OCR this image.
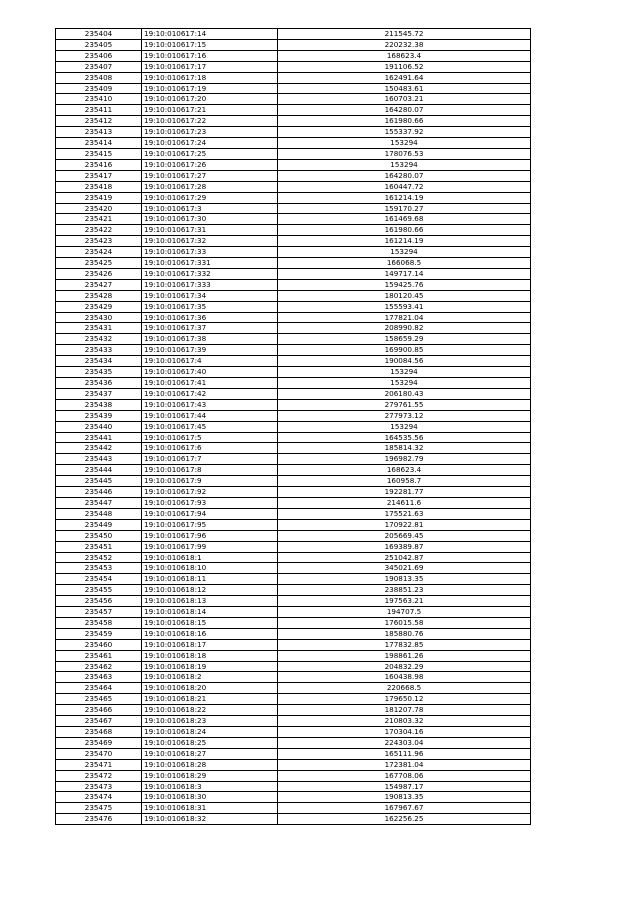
235404	19:10:010617:14	211545.72
235405	19:10:010617:15	220232.38
235406	19:10:010617:16	168623.4
235407	19:10:010617:17	191106.52
235408	19:10:010617:18	162491.64
235409	19:10:010617:19	150483.61
235410	19:10:010617:20	160703.21
235411	19:10:010617:21	164280.07
235412	19:10:010617:22	161980.66
235413	19:10:010617:23	155337.92
235414	19:10:010617:24	153294
235415	19:10:010617:25	178076.53
235416	19:10:010617:26	153294
235417	19:10:010617:27	164280.07
235418	19:10:010617:28	160447.72
235419	19:10:010617:29	161214.19
235420	19:10:010617:3	159170.27
235421	19:10:010617:30	161469.68
235422	19:10:010617:31	161980.66
235423	19:10:010617:32	161214.19
235424	19:10:010617:33	153294
235425	19:10:010617:331	166068.5
235426	19:10:010617:332	149717.14
235427	19:10:010617:333	159425.76
235428	19:10:010617:34	180120.45
235429	19:10:010617:35	155593.41
235430	19:10:010617:36	177821.04
235431	19:10:010617:37	208990.82
235432	19:10:010617:38	158659.29
235433	19:10:010617:39	169900.85
235434	19:10:010617:4	190084.56
235435	19:10:010617:40	153294
235436	19:10:010617:41	153294
235437	19:10:010617:42	206180.43
235438	19:10:010617:43	279761.55
235439	19:10:010617:44	277973.12
235440	19:10:010617:45	153294
235441	19:10:010617:5	164535.56
235442	19:10:010617:6	185814.32
235443	19:10:010617:7	196982.79
235444	19:10:010617:8	168623.4
235445	19:10:010617:9	160958.7
235446	19:10:010617:92	192281.77
235447	19:10:010617:93	214611.6
235448	19:10:010617:94	175521.63
235449	19:10:010617:95	170922.81
235450	19:10:010617:96	205669.45
235451	19:10:010617:99	169389.87
235452	19:10:010618:1	251042.87
235453	19:10:010618:10	345021.69
235454	19:10:010618:11	190813.35
235455	19:10:010618:12	238851.23
235456	19:10:010618:13	197563.21
235457	19:10:010618:14	194707.5
235458	19:10:010618:15	176015.58
235459	19:10:010618:16	185880.76
235460	19:10:010618:17	177832.85
235461	19:10:010618:18	198861.26
235462	19:10:010618:19	204832.29
235463	19:10:010618:2	160438.98
235464	19:10:010618:20	220668.5
235465	19:10:010618:21	179650.12
235466	19:10:010618:22	181207.78
235467	19:10:010618:23	210803.32
235468	19:10:010618:24	170304.16
235469	19:10:010618:25	224303.04
235470	19:10:010618:27	165111.96
235471	19:10:010618:28	172381.04
235472	19:10:010618:29	167708.06
235473	19:10:010618:3	154987.17
235474	19:10:010618:30	190813.35
235475	19:10:010618:31	167967.67
235476	19:10:010618:32	162256.25
